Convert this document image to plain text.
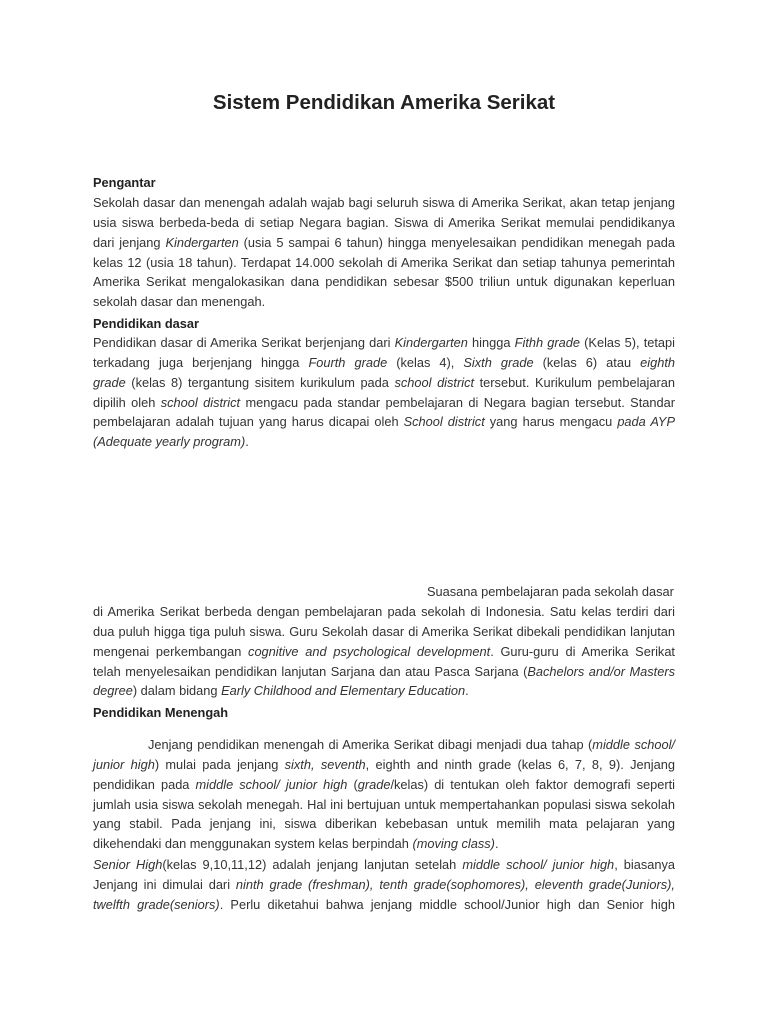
Sistem Pendidikan Amerika Serikat
Pengantar
Sekolah dasar dan menengah adalah wajab bagi seluruh siswa di Amerika Serikat, akan tetap jenjang
usia siswa berbeda-beda di setiap Negara bagian. Siswa di Amerika Serikat memulai pendidikanya
dari jenjang Kindergarten (usia 5 sampai 6 tahun) hingga menyelesaikan pendidikan menegah pada
kelas 12 (usia 18 tahun). Terdapat 14.000 sekolah di Amerika Serikat dan setiap tahunya pemerintah
Amerika Serikat mengalokasikan dana pendidikan sebesar $500 triliun untuk digunakan keperluan
sekolah dasar dan menengah.
Pendidikan dasar
Pendidikan dasar di Amerika Serikat berjenjang dari Kindergarten hingga Fithh grade (Kelas 5), tetapi
terkadang juga berjenjang hingga Fourth grade (kelas 4), Sixth grade (kelas 6) atau eighth
grade (kelas 8) tergantung sisitem kurikulum pada school district tersebut. Kurikulum pembelajaran
dipilih oleh school district mengacu pada standar pembelajaran di Negara bagian tersebut. Standar
pembelajaran adalah tujuan yang harus dicapai oleh School district yang harus mengacu pada AYP
(Adequate yearly program).
Suasana pembelajaran pada sekolah dasar
di Amerika Serikat berbeda dengan pembelajaran pada sekolah di Indonesia. Satu kelas terdiri dari
dua puluh higga tiga puluh siswa. Guru Sekolah dasar di Amerika Serikat dibekali pendidikan lanjutan
mengenai perkembangan cognitive and psychological development. Guru-guru di Amerika Serikat
telah menyelesaikan pendidikan lanjutan Sarjana dan atau Pasca Sarjana (Bachelors and/or Masters
degree) dalam bidang Early Childhood and Elementary Education.
Pendidikan Menengah
Jenjang pendidikan menengah di Amerika Serikat dibagi menjadi dua tahap (middle school/
junior high) mulai pada jenjang sixth, seventh, eighth and ninth grade (kelas 6, 7, 8, 9). Jenjang
pendidikan pada middle school/ junior high (grade/kelas) di tentukan oleh faktor demografi seperti
jumlah usia siswa sekolah menegah. Hal ini bertujuan untuk mempertahankan populasi siswa sekolah
yang stabil. Pada jenjang ini, siswa diberikan kebebasan untuk memilih mata pelajaran yang
dikehendaki dan menggunakan system kelas berpindah (moving class).
Senior High(kelas 9,10,11,12) adalah jenjang lanjutan setelah middle school/ junior high, biasanya
Jenjang ini dimulai dari ninth grade (freshman), tenth grade(sophomores), eleventh grade(Juniors),
twelfth grade(seniors). Perlu diketahui bahwa jenjang middle school/Junior high dan Senior high
